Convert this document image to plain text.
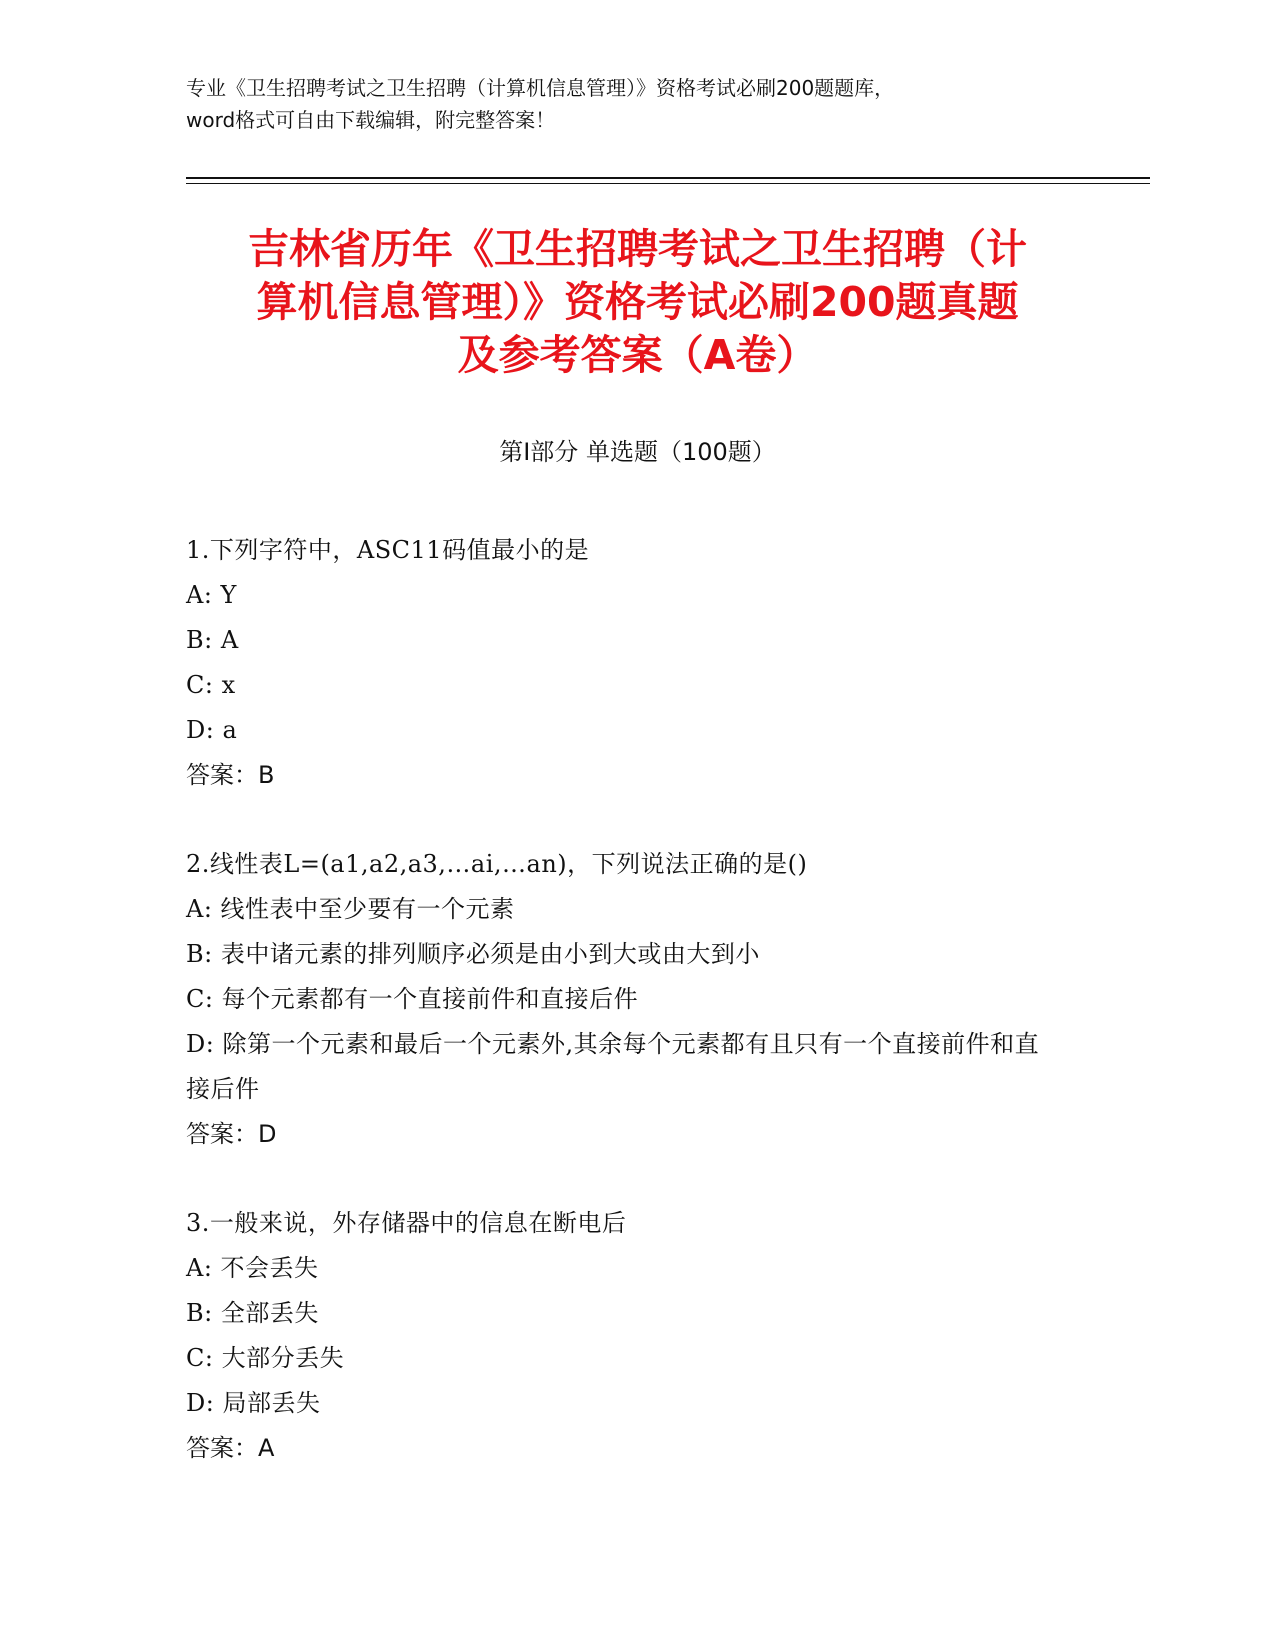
专业《卫生招聘考试之卫生招聘（计算机信息管理）》资格考试必刷200题题库，
word格式可自由下载编辑，附完整答案！
吉林省历年《卫生招聘考试之卫生招聘（计
算机信息管理）》资格考试必刷200题真题
及参考答案（A卷）
第I部分 单选题（100题）
1.下列字符中，ASC11码值最小的是
A: Y
B: A
C: x
D: a
答案：B
2.线性表L=(a1,a2,a3,…ai,…an)，下列说法正确的是()
A: 线性表中至少要有一个元素
B: 表中诸元素的排列顺序必须是由小到大或由大到小
C: 每个元素都有一个直接前件和直接后件
D: 除第一个元素和最后一个元素外,其余每个元素都有且只有一个直接前件和直接后件
答案：D
3.一般来说，外存储器中的信息在断电后
A: 不会丢失
B: 全部丢失
C: 大部分丢失
D: 局部丢失
答案：A
